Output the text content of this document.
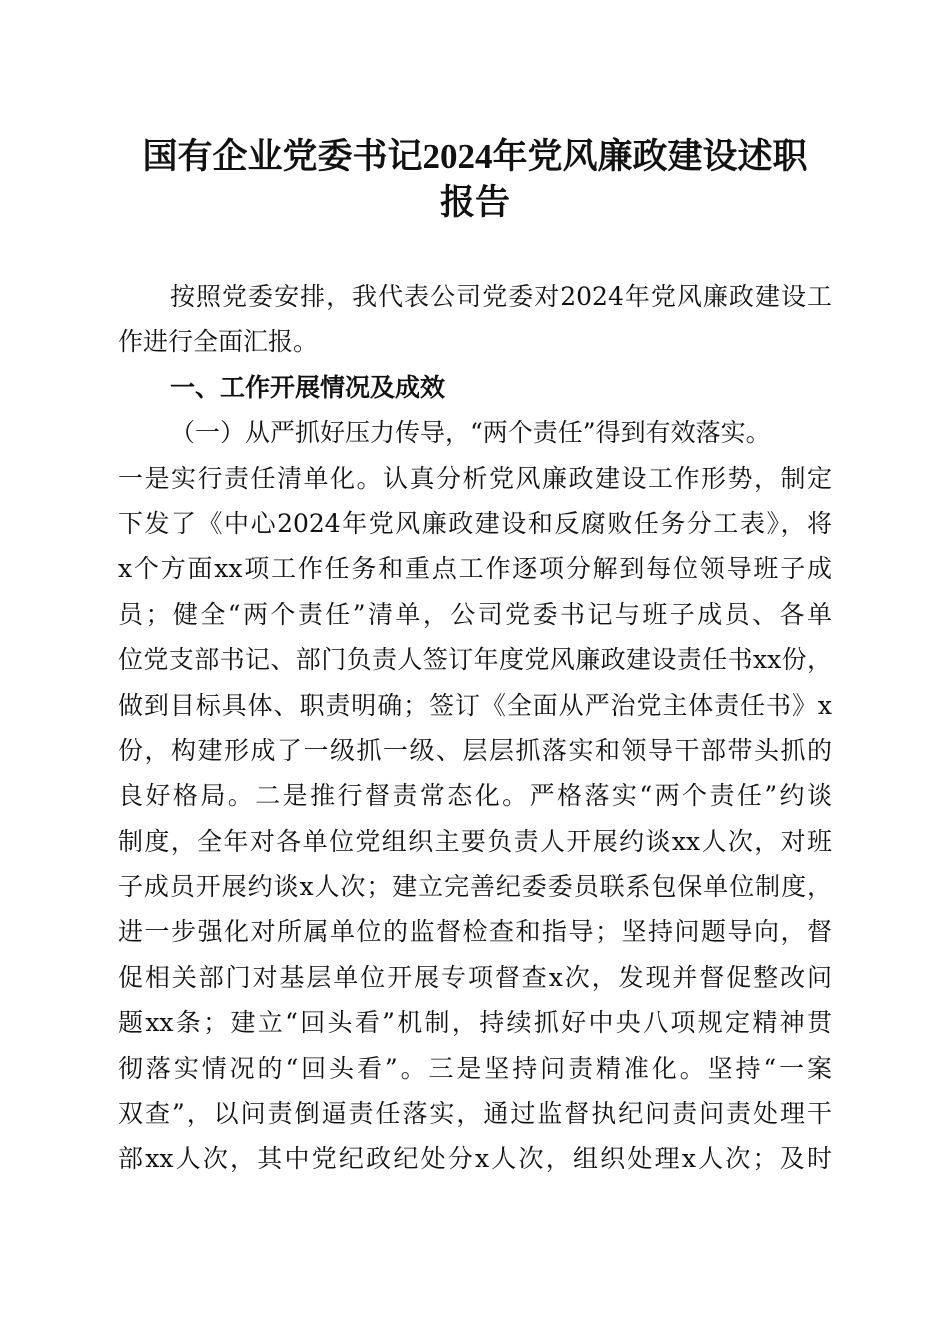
国有企业党委书记2024年党风廉政建设述职
报告
按照党委安排，我代表公司党委对2024年党风廉政建设工
作进行全面汇报。
一、工作开展情况及成效
（一）从严抓好压力传导，“两个责任”得到有效落实。
一是实行责任清单化。认真分析党风廉政建设工作形势，制定
下发了《中心2024年党风廉政建设和反腐败任务分工表》，将
x个方面xx项工作任务和重点工作逐项分解到每位领导班子成
员；健全“两个责任”清单，公司党委书记与班子成员、各单
位党支部书记、部门负责人签订年度党风廉政建设责任书xx份，
做到目标具体、职责明确；签订《全面从严治党主体责任书》x
份，构建形成了一级抓一级、层层抓落实和领导干部带头抓的
良好格局。二是推行督责常态化。严格落实“两个责任”约谈
制度，全年对各单位党组织主要负责人开展约谈xx人次，对班
子成员开展约谈x人次；建立完善纪委委员联系包保单位制度，
进一步强化对所属单位的监督检查和指导；坚持问题导向，督
促相关部门对基层单位开展专项督查x次，发现并督促整改问
题xx条；建立“回头看”机制，持续抓好中央八项规定精神贯
彻落实情况的“回头看”。三是坚持问责精准化。坚持“一案
双查”，以问责倒逼责任落实，通过监督执纪问责问责处理干
部xx人次，其中党纪政纪处分x人次，组织处理x人次；及时
